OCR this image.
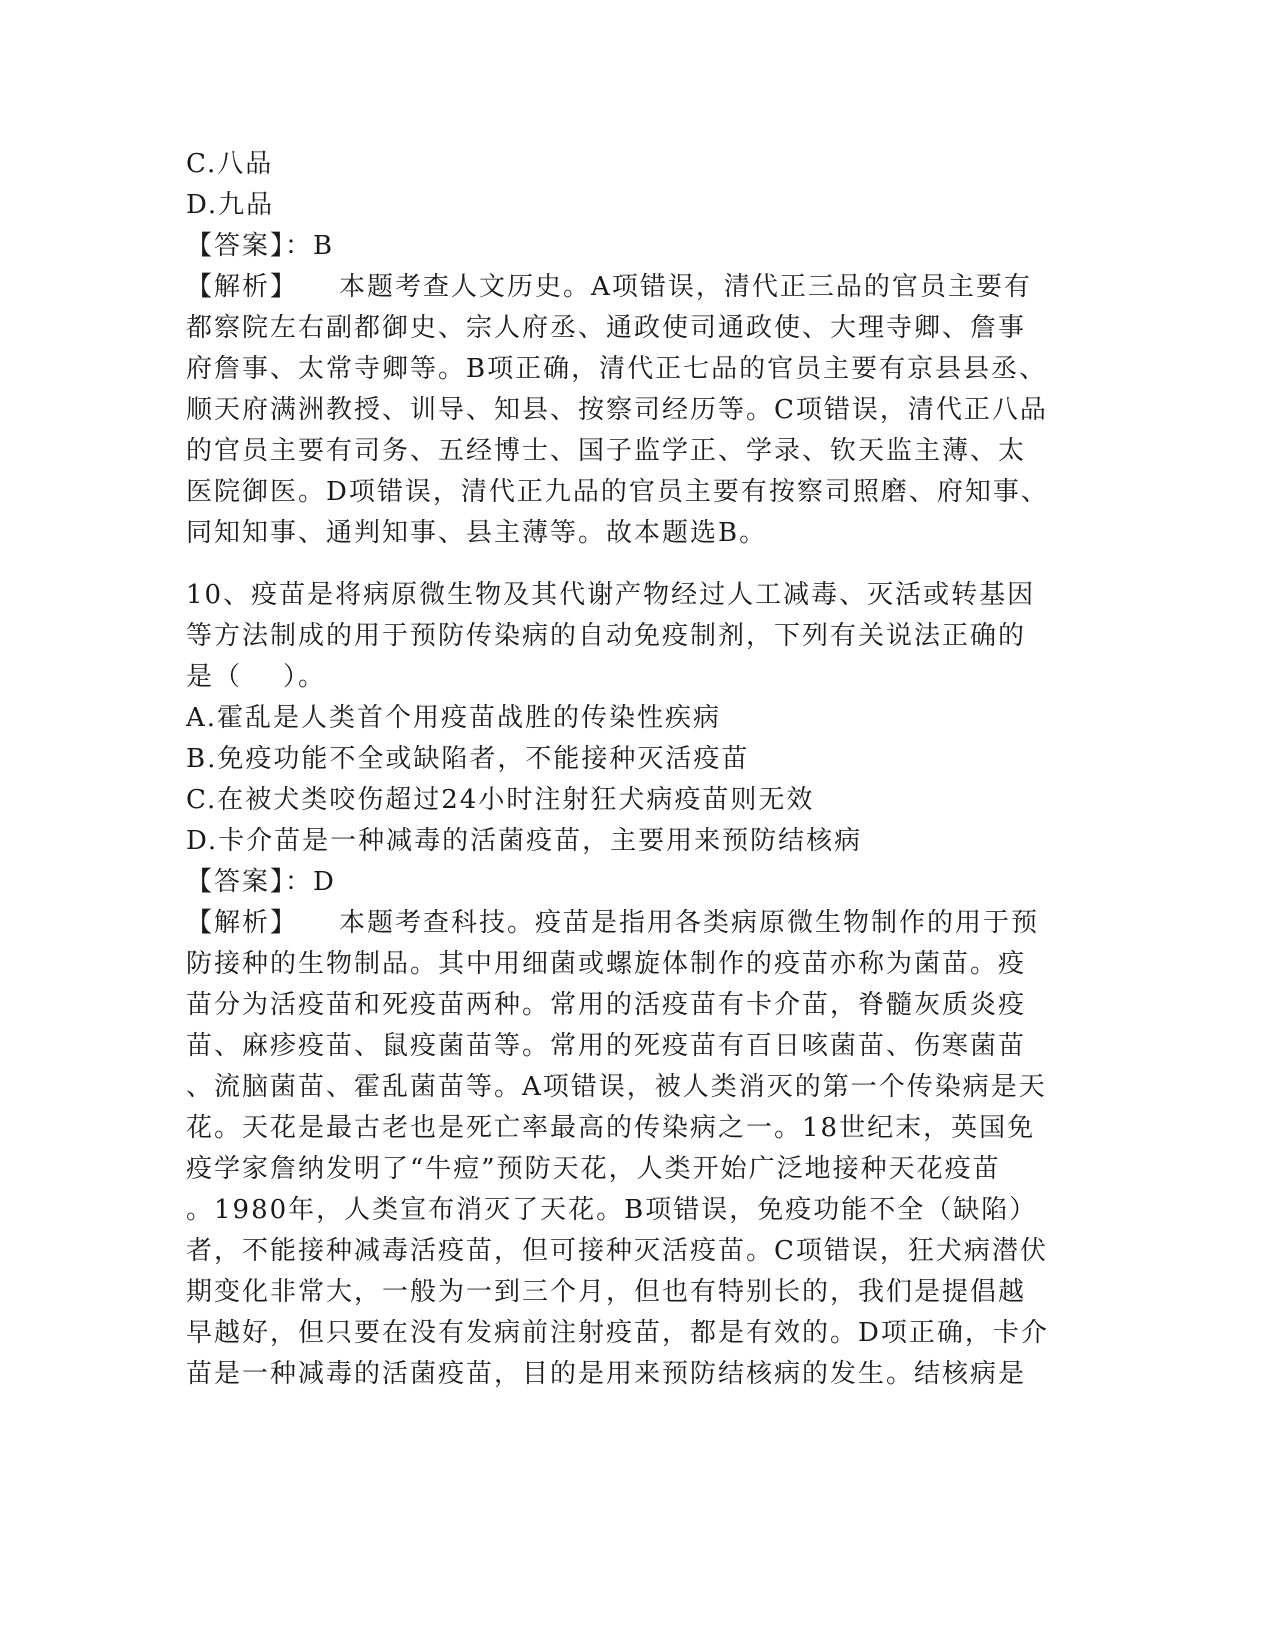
C.八品
D.九品
【答案】：B
【解析】    本题考查人文历史。A项错误，清代正三品的官员主要有
都察院左右副都御史、宗人府丞、通政使司通政使、大理寺卿、詹事
府詹事、太常寺卿等。B项正确，清代正七品的官员主要有京县县丞、
顺天府满洲教授、训导、知县、按察司经历等。C项错误，清代正八品
的官员主要有司务、五经博士、国子监学正、学录、钦天监主薄、太
医院御医。D项错误，清代正九品的官员主要有按察司照磨、府知事、
同知知事、通判知事、县主薄等。故本题选B。
10、疫苗是将病原微生物及其代谢产物经过人工减毒、灭活或转基因
等方法制成的用于预防传染病的自动免疫制剂，下列有关说法正确的
是（    ）。
A.霍乱是人类首个用疫苗战胜的传染性疾病
B.免疫功能不全或缺陷者，不能接种灭活疫苗
C.在被犬类咬伤超过24小时注射狂犬病疫苗则无效
D.卡介苗是一种减毒的活菌疫苗，主要用来预防结核病
【答案】：D
【解析】    本题考查科技。疫苗是指用各类病原微生物制作的用于预
防接种的生物制品。其中用细菌或螺旋体制作的疫苗亦称为菌苗。疫
苗分为活疫苗和死疫苗两种。常用的活疫苗有卡介苗，脊髓灰质炎疫
苗、麻疹疫苗、鼠疫菌苗等。常用的死疫苗有百日咳菌苗、伤寒菌苗
、流脑菌苗、霍乱菌苗等。A项错误，被人类消灭的第一个传染病是天
花。天花是最古老也是死亡率最高的传染病之一。18世纪末，英国免
疫学家詹纳发明了“牛痘”预防天花，人类开始广泛地接种天花疫苗
。1980年，人类宣布消灭了天花。B项错误，免疫功能不全（缺陷）
者，不能接种减毒活疫苗，但可接种灭活疫苗。C项错误，狂犬病潜伏
期变化非常大，一般为一到三个月，但也有特别长的，我们是提倡越
早越好，但只要在没有发病前注射疫苗，都是有效的。D项正确，卡介
苗是一种减毒的活菌疫苗，目的是用来预防结核病的发生。结核病是
